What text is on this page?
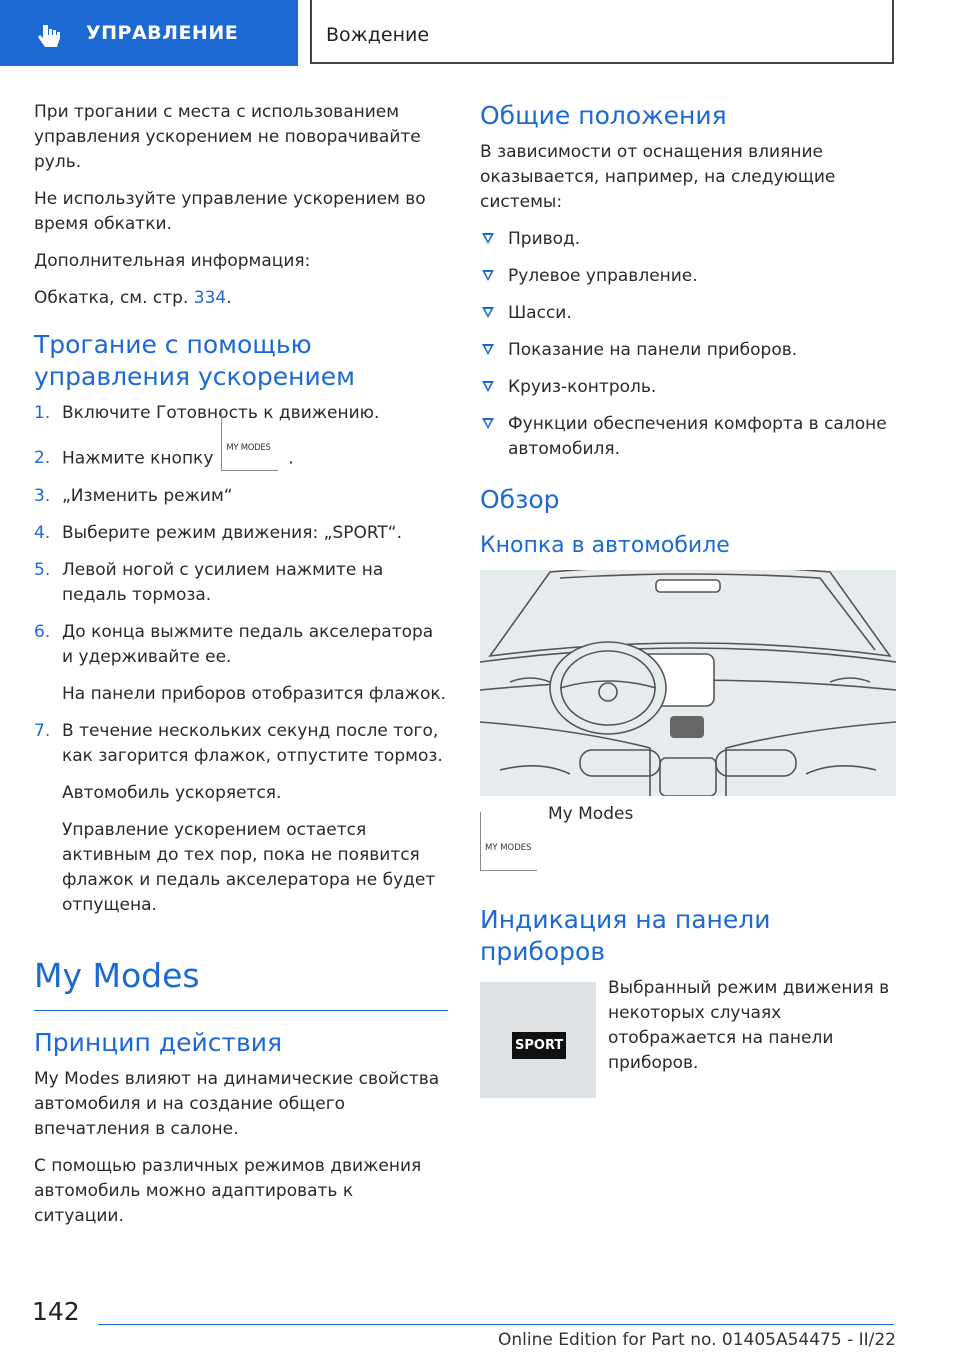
УПРАВЛЕНИЕ	Вождение

При трогании с места с использованием управления ускорением не поворачивайте руль.

Не используйте управление ускорением во время обкатки.

Дополнительная информация:

Обкатка, см. стр. 334.

Трогание с помощью управления ускорением
1. Включите Готовность к движению.
2. Нажмите кнопку
MY MODES
.
3. „Изменить режим“
4. Выберите режим движения: „SPORT“.
5. Левой ногой с усилием нажмите на педаль тормоза.
6. До конца выжмите педаль акселератора и удерживайте ее.
На панели приборов отобразится флажок.
7. В течение нескольких секунд после того, как загорится флажок, отпустите тормоз.
Автомобиль ускоряется.
Управление ускорением остается активным до тех пор, пока не появится флажок и педаль акселератора не будет отпущена.
My Modes
Принцип действия

My Modes влияют на динамические свойства автомобиля и на создание общего впечатления в салоне.

С помощью различных режимов движения автомобиль можно адаптировать к ситуации.

Общие положения

В зависимости от оснащения влияние оказывается, например, на следующие системы:

Привод.
Рулевое управление.
Шасси.
Показание на панели приборов.
Круиз-контроль.
Функции обеспечения комфорта в салоне автомобиля.
Обзор
Кнопка в автомобиле
MY MODES
My Modes
Индикация на панели приборов
SPORT
Выбранный режим движения в некоторых случаях отображается на панели приборов.
142
Online Edition for Part no. 01405A54475 - II/22
